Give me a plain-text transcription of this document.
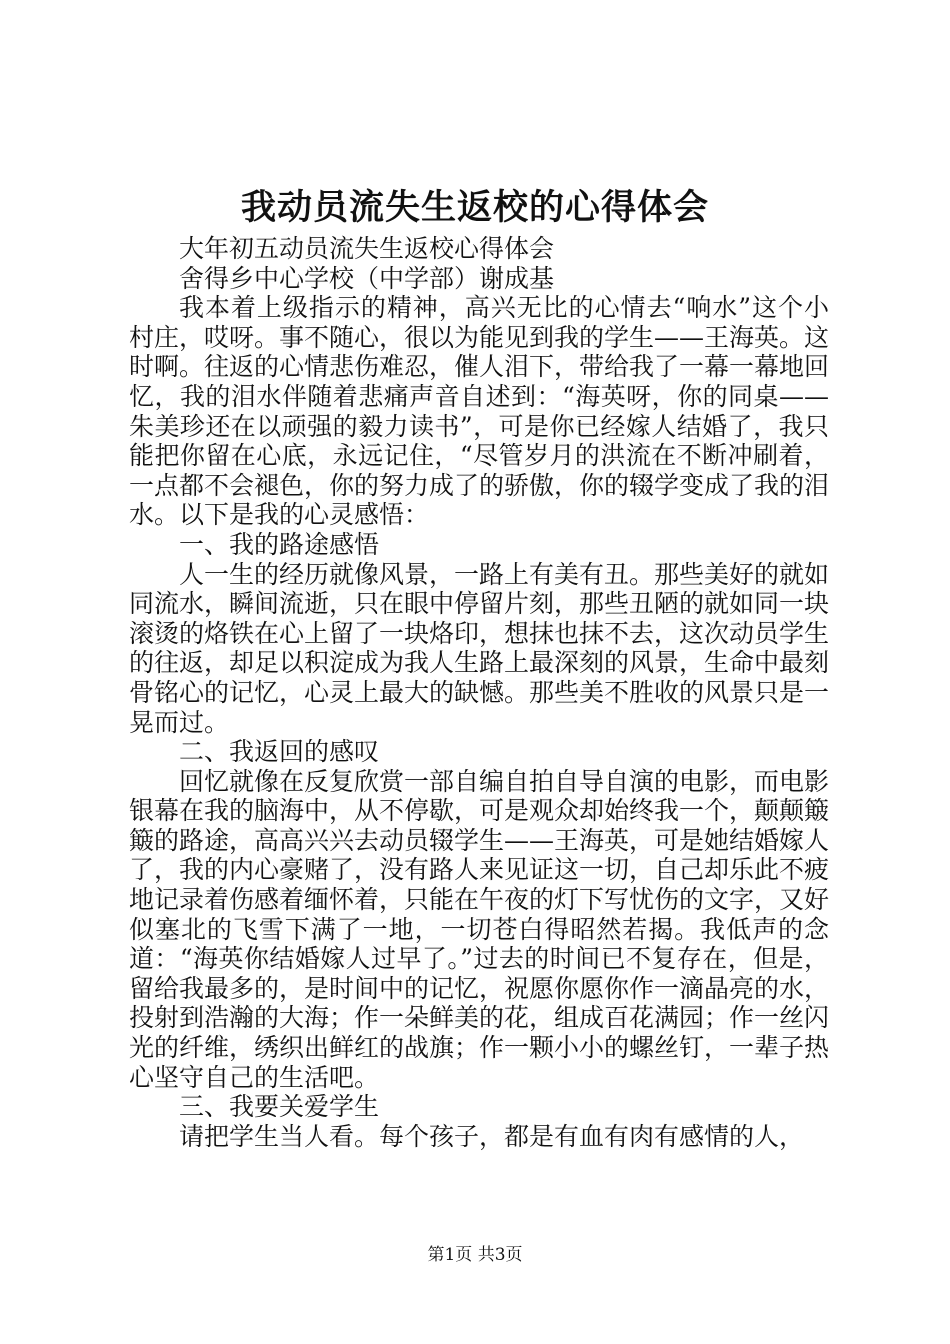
我动员流失生返校的心得体会

大年初五动员流失生返校心得体会

舍得乡中心学校（中学部）谢成基

我本着上级指示的精神，高兴无比的心情去“响水”这个小村庄，哎呀。事不随心，很以为能见到我的学生——王海英。这时啊。往返的心情悲伤难忍，催人泪下，带给我了一幕一幕地回忆，我的泪水伴随着悲痛声音自述到：“海英呀，你的同桌——朱美珍还在以顽强的毅力读书”，可是你已经嫁人结婚了，我只能把你留在心底，永远记住，“尽管岁月的洪流在不断冲刷着，一点都不会褪色，你的努力成了的骄傲，你的辍学变成了我的泪水。以下是我的心灵感悟：

一、我的路途感悟

人一生的经历就像风景，一路上有美有丑。那些美好的就如同流水，瞬间流逝，只在眼中停留片刻，那些丑陋的就如同一块滚烫的烙铁在心上留了一块烙印，想抹也抹不去，这次动员学生的往返，却足以积淀成为我人生路上最深刻的风景，生命中最刻骨铭心的记忆，心灵上最大的缺憾。那些美不胜收的风景只是一晃而过。

二、我返回的感叹

回忆就像在反复欣赏一部自编自拍自导自演的电影，而电影银幕在我的脑海中，从不停歇，可是观众却始终我一个，颠颠簸簸的路途，高高兴兴去动员辍学生——王海英，可是她结婚嫁人了，我的内心豪赌了，没有路人来见证这一切，自己却乐此不疲地记录着伤感着缅怀着，只能在午夜的灯下写忧伤的文字，又好似塞北的飞雪下满了一地，一切苍白得昭然若揭。我低声的念道：“海英你结婚嫁人过早了。”过去的时间已不复存在，但是，留给我最多的，是时间中的记忆，祝愿你愿你作一滴晶亮的水，投射到浩瀚的大海；作一朵鲜美的花，组成百花满园；作一丝闪光的纤维，绣织出鲜红的战旗；作一颗小小的螺丝钉，一辈子热心坚守自己的生活吧。

三、我要关爱学生

请把学生当人看。每个孩子，都是有血有肉有感情的人，

第1页 共3页
